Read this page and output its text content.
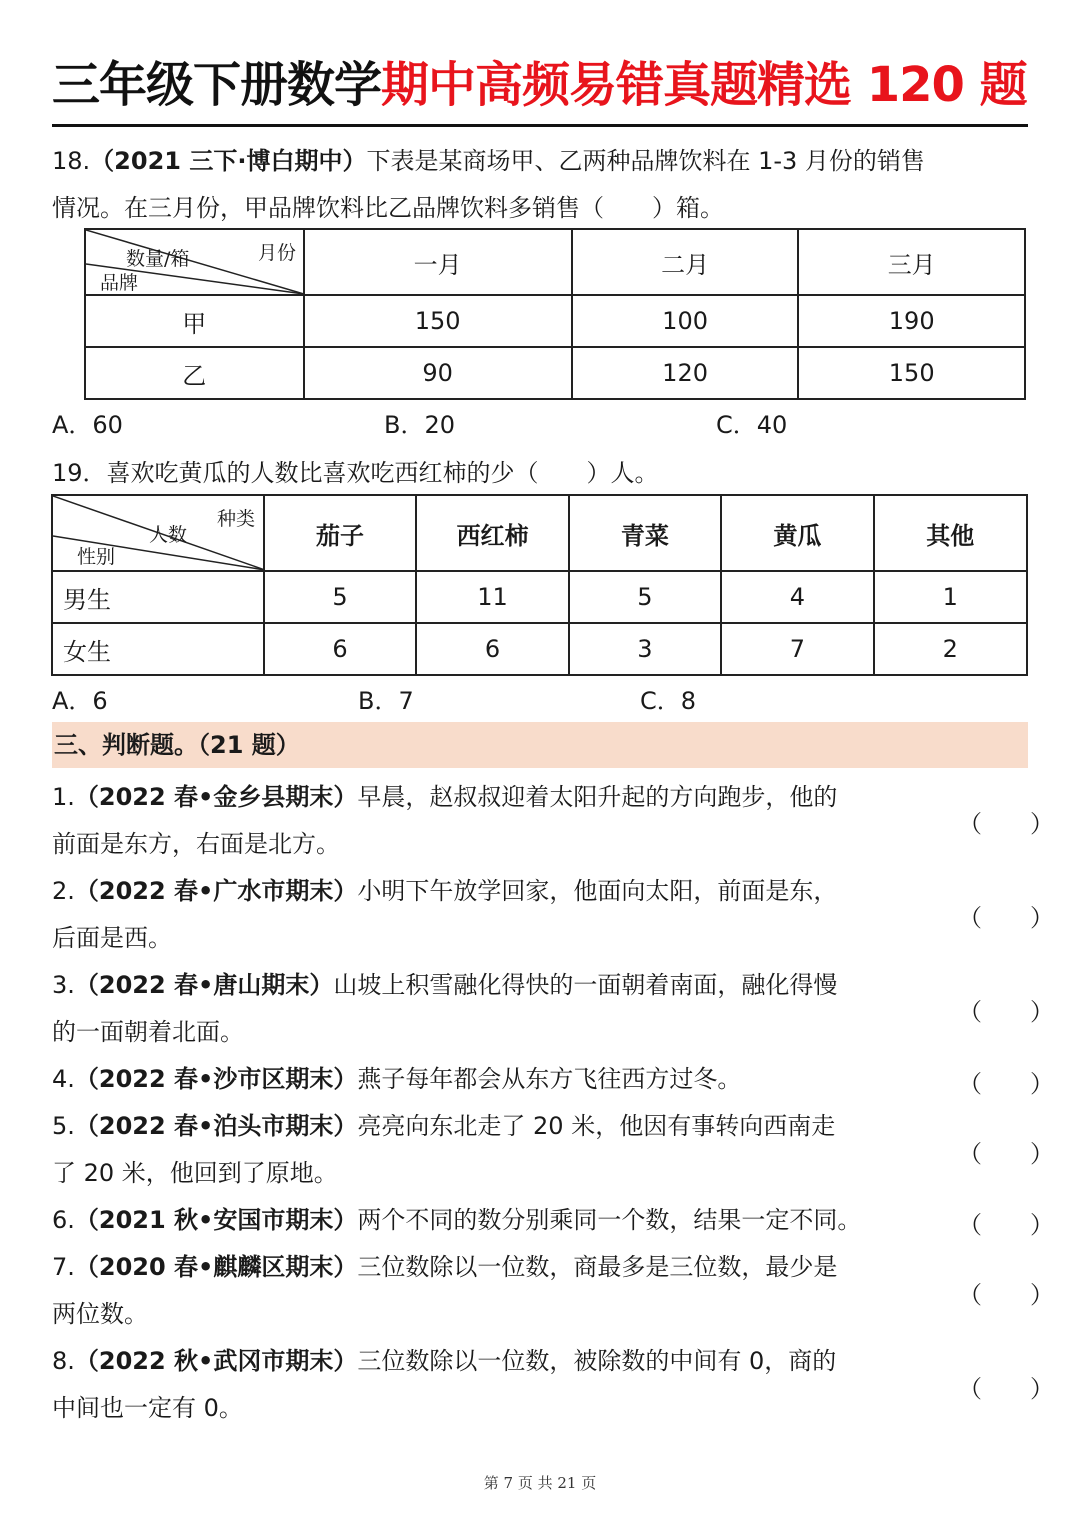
三年级下册数学期中高频易错真题精选 120 题
18.（2021 三下·博白期中）下表是某商场甲、乙两种品牌饮料在 1-3 月份的销售
情况。在三月份，甲品牌饮料比乙品牌饮料多销售（　　）箱。
月份
数量/箱
品牌	一月	二月	三月
甲	150	100	190
乙	90	120	150
A．60	B．20	C．40
19．喜欢吃黄瓜的人数比喜欢吃西红柿的少（　　）人。
种类
人数
性别	茄子	西红柿	青菜	黄瓜	其他
男生	5	11	5	4	1
女生	6	6	3	7	2
A．6	B．7	C．8
三、判断题。（21 题）
1.（2022 春•金乡县期末）早晨，赵叔叔迎着太阳升起的方向跑步，他的
前面是东方，右面是北方。
（　　）
2.（2022 春•广水市期末）小明下午放学回家，他面向太阳，前面是东，
后面是西。
（　　）
3.（2022 春•唐山期末）山坡上积雪融化得快的一面朝着南面，融化得慢
的一面朝着北面。
（　　）
4.（2022 春•沙市区期末）燕子每年都会从东方飞往西方过冬。	（　　）
5.（2022 春•泊头市期末）亮亮向东北走了 20 米，他因有事转向西南走
了 20 米，他回到了原地。
（　　）
6.（2021 秋•安国市期末）两个不同的数分别乘同一个数，结果一定不同。	（　　）
7.（2020 春•麒麟区期末）三位数除以一位数，商最多是三位数，最少是
两位数。
（　　）
8.（2022 秋•武冈市期末）三位数除以一位数，被除数的中间有 0，商的
中间也一定有 0。
（　　）
第 7 页 共 21 页
